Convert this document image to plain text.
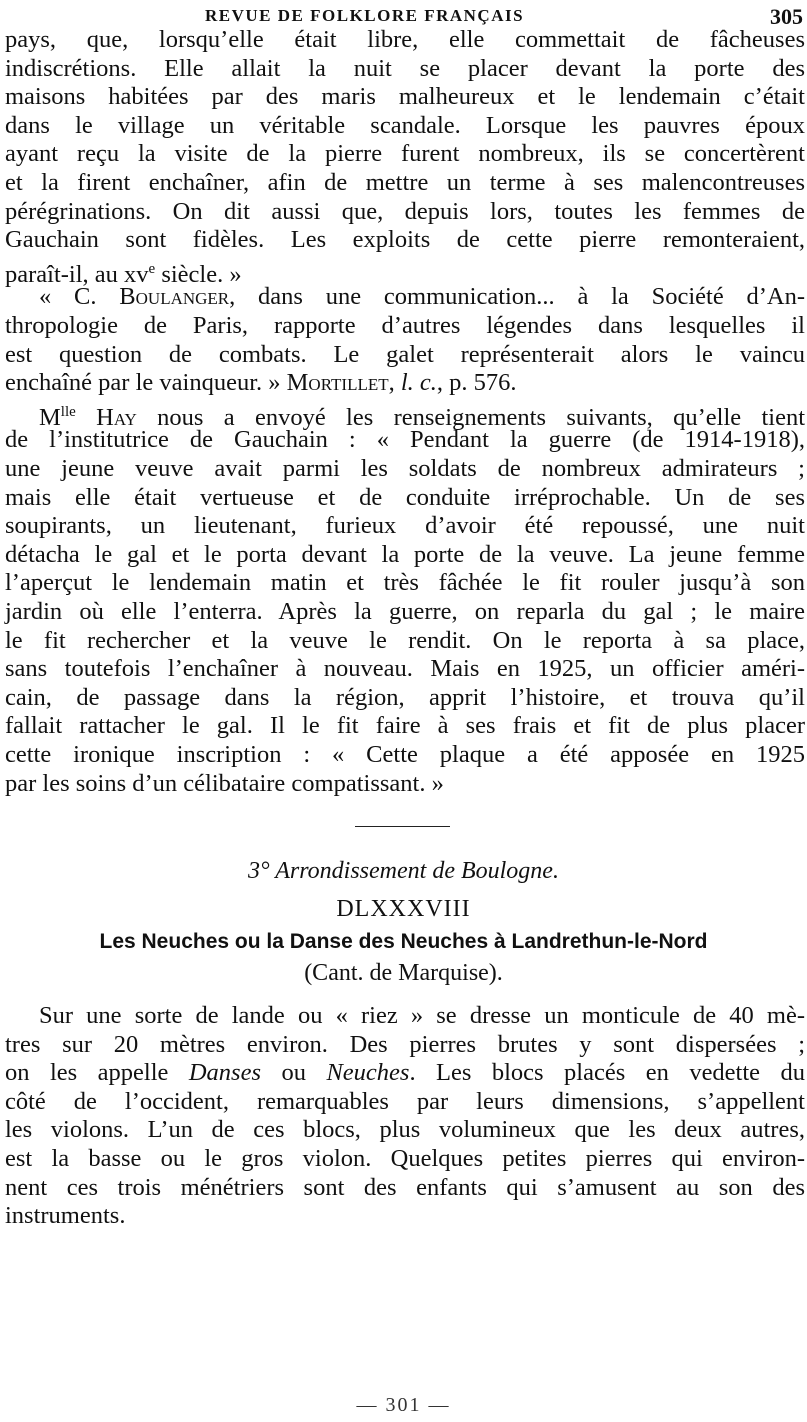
REVUE DE FOLKLORE FRANÇAIS	305
pays, que, lorsqu’elle était libre, elle commettait de fâcheuses
indiscrétions. Elle allait la nuit se placer devant la porte des
maisons habitées par des maris malheureux et le lendemain c’était
dans le village un véritable scandale. Lorsque les pauvres époux
ayant reçu la visite de la pierre furent nombreux, ils se concertèrent
et la firent enchaîner, afin de mettre un terme à ses malencontreuses
pérégrinations. On dit aussi que, depuis lors, toutes les femmes de
Gauchain sont fidèles. Les exploits de cette pierre remonteraient,
paraît-il, au $xv^e$ siècle. »
« C. Boulanger, dans une communication... à la Société d’An-
thropologie de Paris, rapporte d’autres légendes dans lesquelles il
est question de combats. Le galet représenterait alors le vaincu
enchaîné par le vainqueur. » Mortillet, l. c., p. 576.
$M^{lle}$ Hay nous a envoyé les renseignements suivants, qu’elle tient
de l’institutrice de Gauchain : « Pendant la guerre (de 1914-1918),
une jeune veuve avait parmi les soldats de nombreux admirateurs ;
mais elle était vertueuse et de conduite irréprochable. Un de ses
soupirants, un lieutenant, furieux d’avoir été repoussé, une nuit
détacha le gal et le porta devant la porte de la veuve. La jeune femme
l’aperçut le lendemain matin et très fâchée le fit rouler jusqu’à son
jardin où elle l’enterra. Après la guerre, on reparla du gal ; le maire
le fit rechercher et la veuve le rendit. On le reporta à sa place,
sans toutefois l’enchaîner à nouveau. Mais en 1925, un officier améri-
cain, de passage dans la région, apprit l’histoire, et trouva qu’il
fallait rattacher le gal. Il le fit faire à ses frais et fit de plus placer
cette ironique inscription : « Cette plaque a été apposée en 1925
par les soins d’un célibataire compatissant. »
3° Arrondissement de Boulogne.
DLXXXVIII
Les Neuches ou la Danse des Neuches à Landrethun-le-Nord
(Cant. de Marquise).
Sur une sorte de lande ou « riez » se dresse un monticule de 40 mè-
tres sur 20 mètres environ. Des pierres brutes y sont dispersées ;
on les appelle Danses ou Neuches. Les blocs placés en vedette du
côté de l’occident, remarquables par leurs dimensions, s’appellent
les violons. L’un de ces blocs, plus volumineux que les deux autres,
est la basse ou le gros violon. Quelques petites pierres qui environ-
nent ces trois ménétriers sont des enfants qui s’amusent au son des
instruments.
— 301 —
